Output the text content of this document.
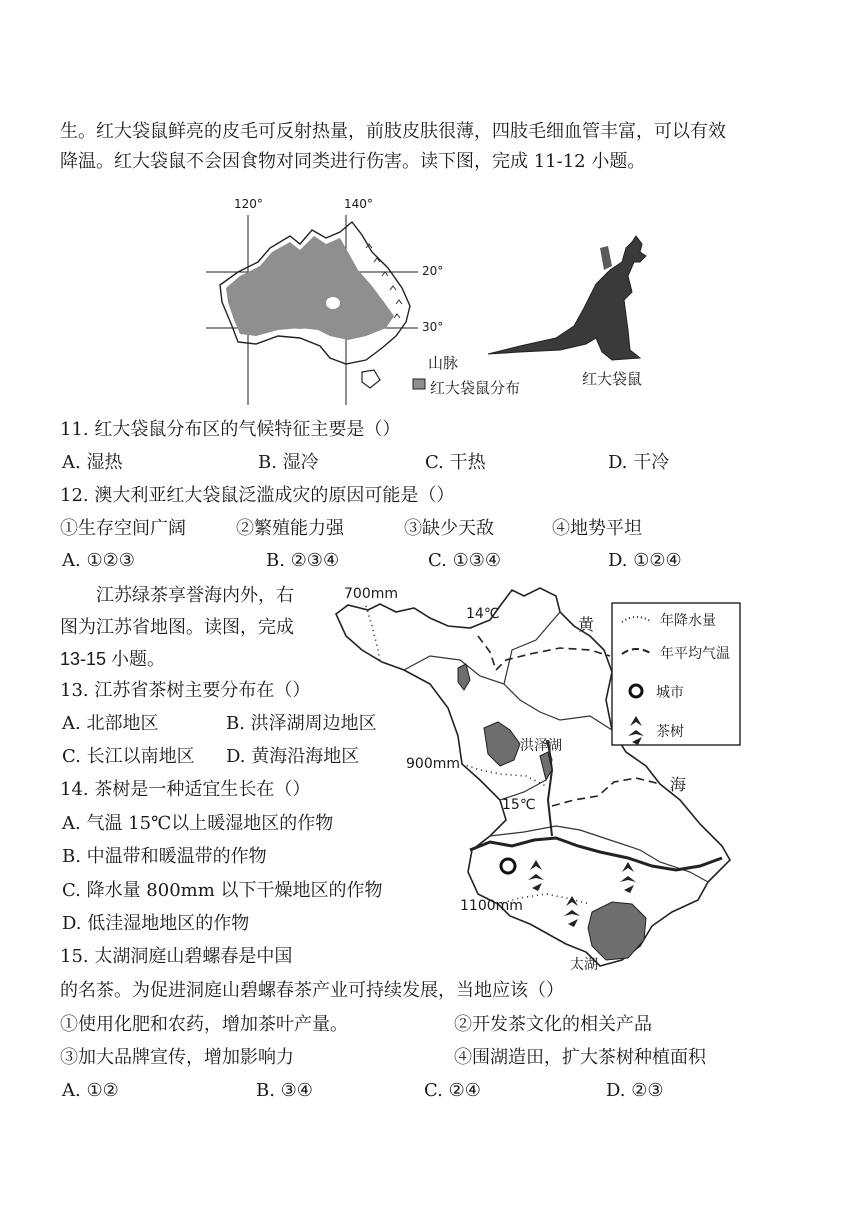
生。红大袋鼠鲜亮的皮毛可反射热量，前肢皮肤很薄，四肢毛细血管丰富，可以有效
降温。红大袋鼠不会因食物对同类进行伤害。读下图，完成 11-12 小题。
120°	140°
20°
30°
山脉
红大袋鼠分布	红大袋鼠
11. 红大袋鼠分布区的气候特征主要是（）
A. 湿热	B. 湿冷	C. 干热	D. 干冷
12. 澳大利亚红大袋鼠泛滥成灾的原因可能是（）
①生存空间广阔	②繁殖能力强	③缺少天敌	④地势平坦
A. ①②③	B. ②③④	C. ①③④	D. ①②④
江苏绿茶享誉海内外，右
图为江苏省地图。读图，完成
13-15 小题。
13. 江苏省茶树主要分布在（）
A. 北部地区	B. 洪泽湖周边地区
C. 长江以南地区 D. 黄海沿海地区
14. 茶树是一种适宜生长在（）
A. 气温 15℃以上暖湿地区的作物
B. 中温带和暖温带的作物
C. 降水量 800mm 以下干燥地区的作物
D. 低洼湿地地区的作物
15. 太湖洞庭山碧螺春是中国
的名茶。为促进洞庭山碧螺春茶产业可持续发展，当地应该（）
①使用化肥和农药，增加茶叶产量。	②开发茶文化的相关产品
③加大品牌宣传，增加影响力	④围湖造田，扩大茶树种植面积
A. ①②	B. ③④	C. ②④	D. ②③
700mm
14℃
黄
海
洪泽湖
900mm
15℃
1100mm
太湖
年降水量
年平均气温
城市
茶树
